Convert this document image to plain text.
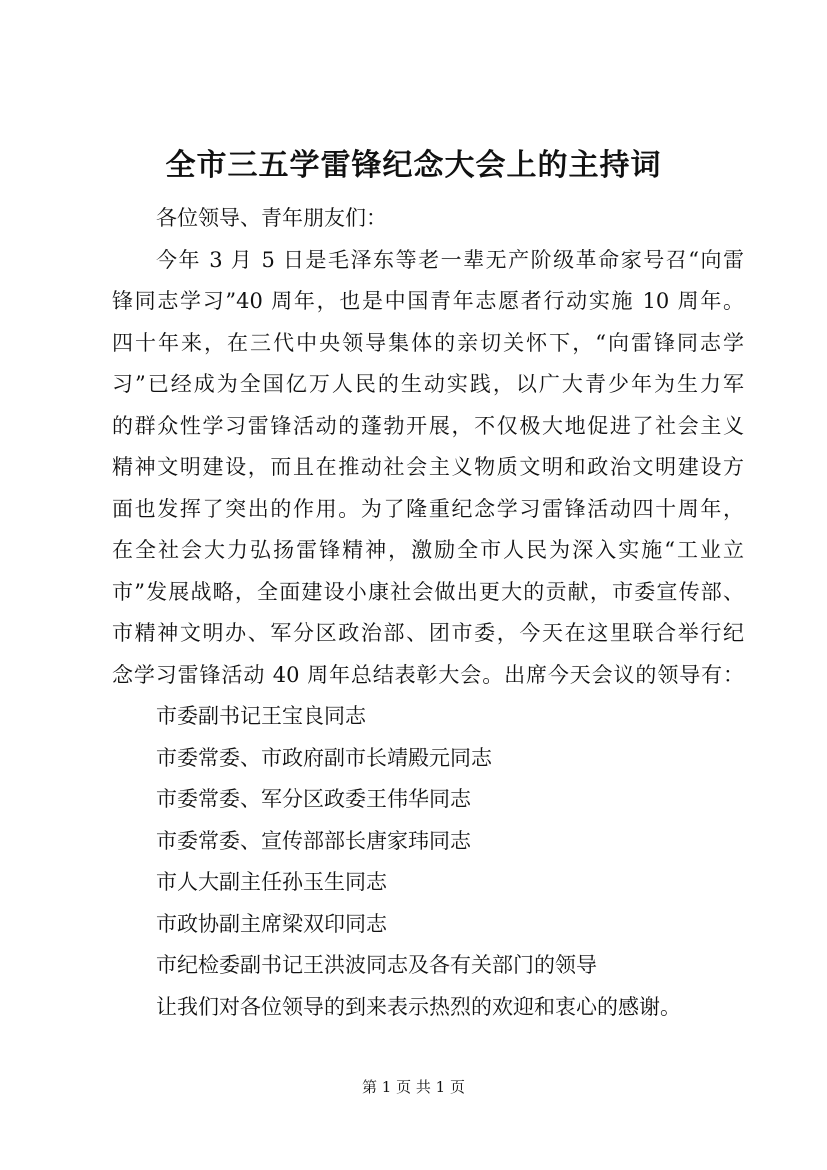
全市三五学雷锋纪念大会上的主持词
各位领导、青年朋友们：
今年 3 月 5 日是毛泽东等老一辈无产阶级革命家号召“向雷
锋同志学习”40 周年，也是中国青年志愿者行动实施 10 周年。
四十年来，在三代中央领导集体的亲切关怀下，“向雷锋同志学
习”已经成为全国亿万人民的生动实践，以广大青少年为生力军
的群众性学习雷锋活动的蓬勃开展，不仅极大地促进了社会主义
精神文明建设，而且在推动社会主义物质文明和政治文明建设方
面也发挥了突出的作用。为了隆重纪念学习雷锋活动四十周年，
在全社会大力弘扬雷锋精神，激励全市人民为深入实施“工业立
市”发展战略，全面建设小康社会做出更大的贡献，市委宣传部、
市精神文明办、军分区政治部、团市委，今天在这里联合举行纪
念学习雷锋活动 40 周年总结表彰大会。出席今天会议的领导有：
市委副书记王宝良同志
市委常委、市政府副市长靖殿元同志
市委常委、军分区政委王伟华同志
市委常委、宣传部部长唐家玮同志
市人大副主任孙玉生同志
市政协副主席梁双印同志
市纪检委副书记王洪波同志及各有关部门的领导
让我们对各位领导的到来表示热烈的欢迎和衷心的感谢。
第 1 页 共 1 页
